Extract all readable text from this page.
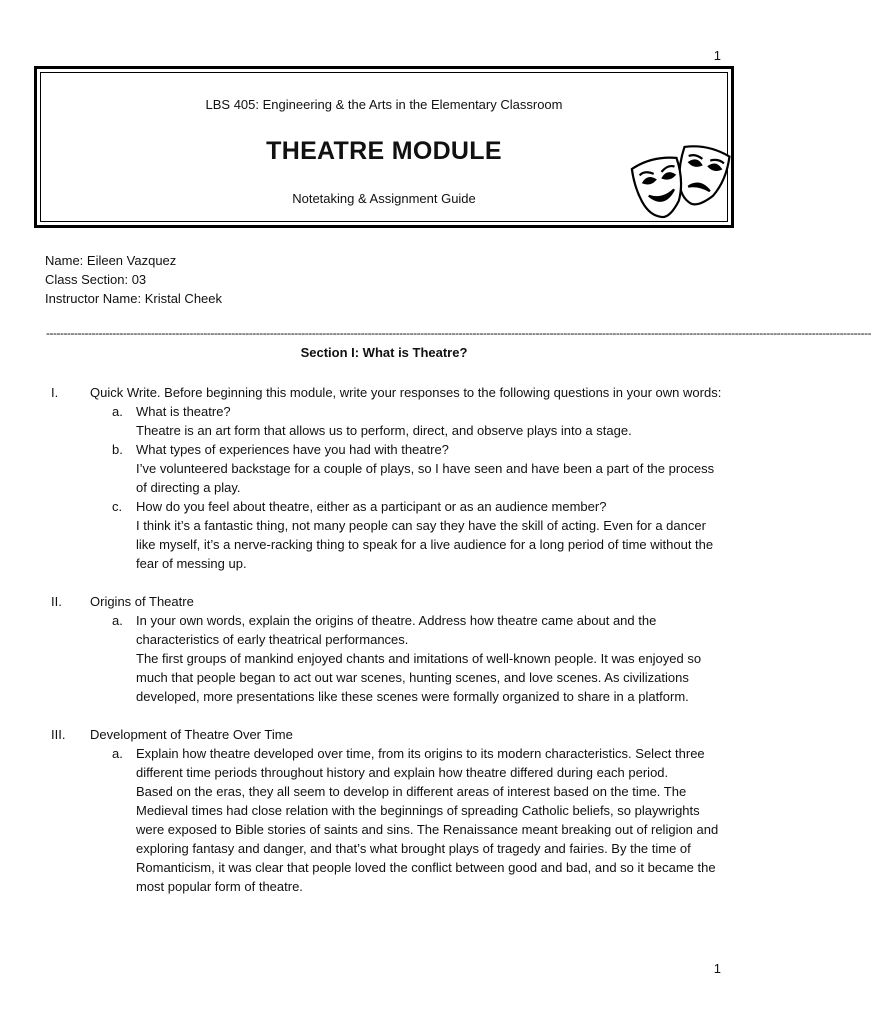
1
LBS 405: Engineering & the Arts in the Elementary Classroom
THEATRE MODULE
Notetaking & Assignment Guide
Name: Eileen Vazquez
Class Section: 03
Instructor Name: Kristal Cheek
--------------------------------------------------------------------------------------------------------------------------------------------------------------------------------------------------------------------------------------------
Section I: What is Theatre?
I. Quick Write. Before beginning this module, write your responses to the following questions in your own words:
a. What is theatre?
Theatre is an art form that allows us to perform, direct, and observe plays into a stage.
b. What types of experiences have you had with theatre?
I’ve volunteered backstage for a couple of plays, so I have seen and have been a part of the process of directing a play.
c. How do you feel about theatre, either as a participant or as an audience member?
I think it’s a fantastic thing, not many people can say they have the skill of acting. Even for a dancer like myself, it’s a nerve-racking thing to speak for a live audience for a long period of time without the fear of messing up.
II. Origins of Theatre
a. In your own words, explain the origins of theatre. Address how theatre came about and the characteristics of early theatrical performances.
The first groups of mankind enjoyed chants and imitations of well-known people. It was enjoyed so much that people began to act out war scenes, hunting scenes, and love scenes. As civilizations developed, more presentations like these scenes were formally organized to share in a platform.
III. Development of Theatre Over Time
a. Explain how theatre developed over time, from its origins to its modern characteristics. Select three different time periods throughout history and explain how theatre differed during each period.
Based on the eras, they all seem to develop in different areas of interest based on the time. The Medieval times had close relation with the beginnings of spreading Catholic beliefs, so playwrights were exposed to Bible stories of saints and sins. The Renaissance meant breaking out of religion and exploring fantasy and danger, and that’s what brought plays of tragedy and fairies. By the time of Romanticism, it was clear that people loved the conflict between good and bad, and so it became the most popular form of theatre.
1
